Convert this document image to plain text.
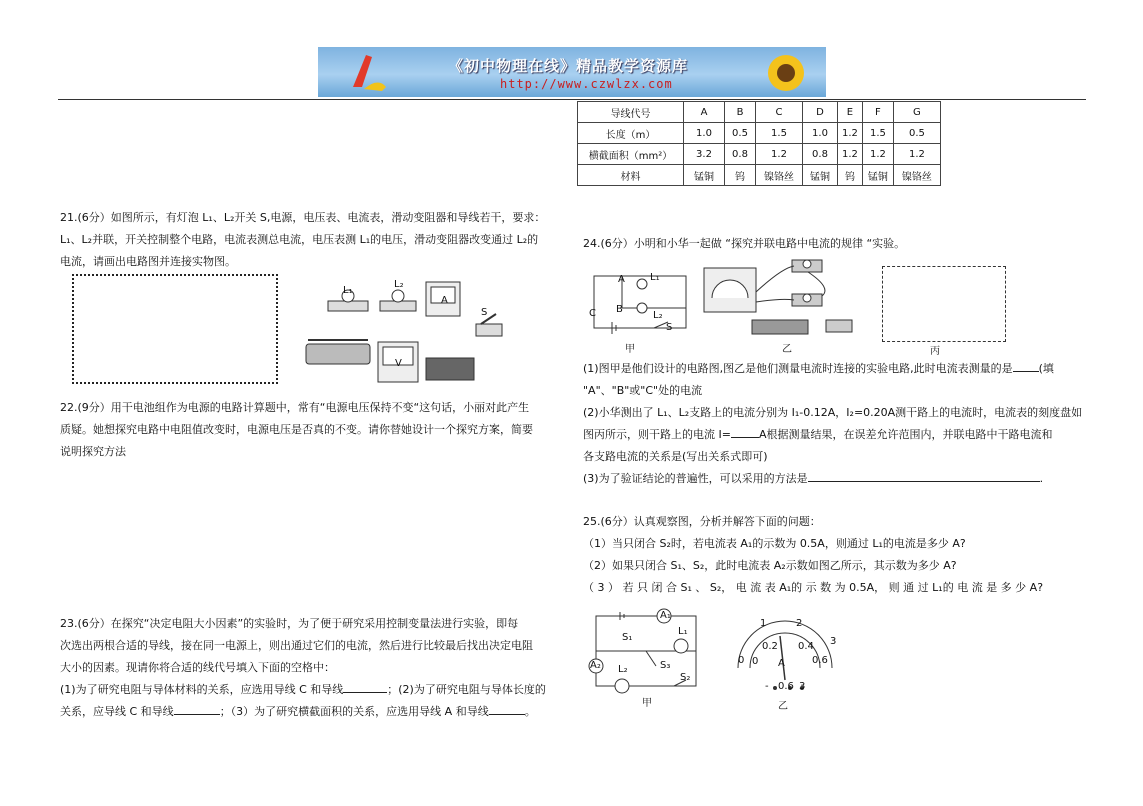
《初中物理在线》精品教学资源库
http://www.czwlzx.com
导线代号	A	B	C	D	E	F	G
长度（m）	1.0	0.5	1.5	1.0	1.2	1.5	0.5
横截面积（mm²）	3.2	0.8	1.2	0.8	1.2	1.2	1.2
材料	锰铜	钨	镍铬丝	锰铜	钨	锰铜	镍铬丝
21.(6分）如图所示，有灯泡 L₁、L₂开关 S,电源，电压表、电流表，滑动变阻器和导线若干，要求：
L₁、L₂并联，开关控制整个电路，电流表测总电流，电压表测 L₁的电压，滑动变阻器改变通过 L₂的
电流，请画出电路图并连接实物图。
L₁
L₂
A
S
V
22.(9分）用干电池组作为电源的电路计算题中，常有“电源电压保持不变“这句话，小丽对此产生
质疑。她想探究电路中电阻值改变时，电源电压是否真的不变。请你替她设计一个探究方案，简要
说明探究方法
23.(6分）在探究“决定电阻大小因素”的实验时，为了便于研究采用控制变量法进行实验，即每
次选出两根合适的导线，接在同一电源上，则出通过它们的电流，然后进行比较最后找出决定电阻
大小的因素。现请你将合适的线代号填入下面的空格中：
(1)为了研究电阻与导体材料的关系，应选用导线 C 和导线	；(2)为了研究电阻与导体长度的
关系，应导线 C 和导线	；（3）为了研究横截面积的关系，应选用导线 A 和导线	。
24.(6分）小明和小华一起做 “探究并联电路中电流的规律 “实验。
A
B
C
L₁
L₂
S
甲	乙	丙
(1)图甲是他们设计的电路图,图乙是他们测量电流时连接的实验电路,此时电流表测量的是 (填
"A"、"B"或"C"处的电流
(2)小华测出了 L₁、L₂支路上的电流分别为 I₁-0.12A，I₂=0.20A测干路上的电流时，电流表的刻度盘如
图丙所示，则干路上的电流 I=	A根据测量结果，在误差允许范围内，并联电路中干路电流和
各支路电流的关系是(写出关系式即可)
(3)为了验证结论的普遍性，可以采用的方法是	.
25.(6分）认真观察图，分析并解答下面的问题：
（1）当只闭合 S₂时，若电流表 A₁的示数为 0.5A，则通过 L₁的电流是多少 A?
（2）如果只闭合 S₁、S₂，此时电流表 A₂示数如图乙所示，其示数为多少 A?
（ 3 ） 若 只 闭 合 S₁ 、 S₂， 电 流 表 A₁的 示 数 为 0.5A， 则 通 过 L₁的 电 流 是 多 少 A?
A₁
A₂
L₁
L₂
S₁
S₂
S₃
甲
0
1	2
3
0
0.2 0.4
0.6
A
- 0.6 3
乙
